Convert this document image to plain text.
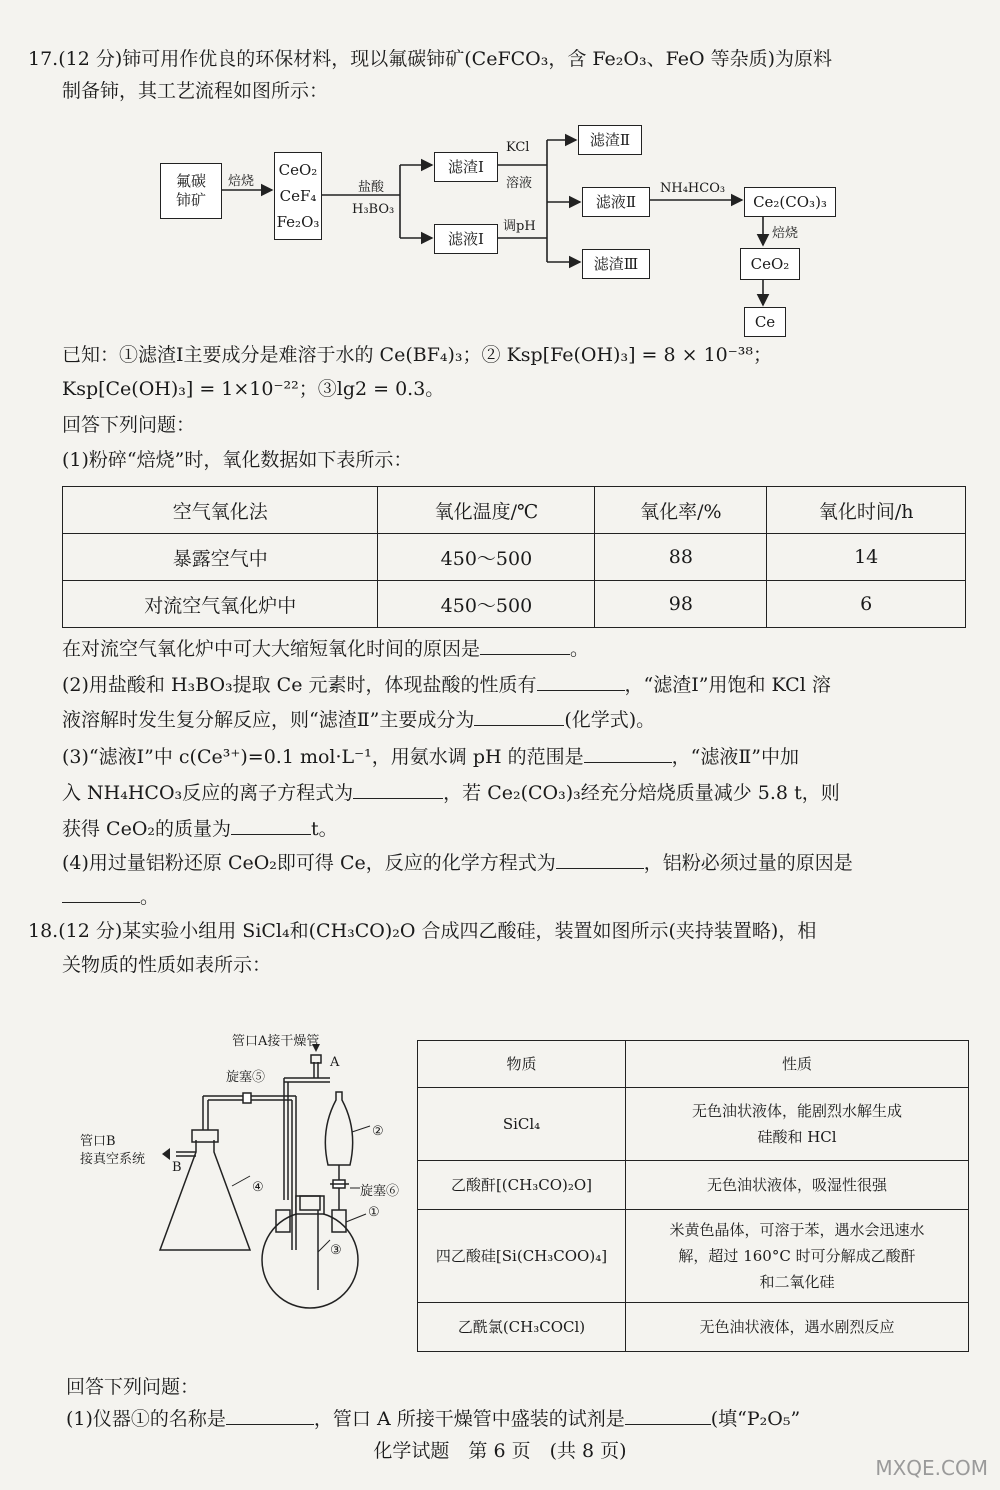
17.(12 分)铈可用作优良的环保材料，现以氟碳铈矿(CeFCO₃，含 Fe₂O₃、FeO 等杂质)为原料
制备铈，其工艺流程如图所示：
氟碳
铈矿
焙烧
CeO₂
CeF₄
Fe₂O₃
盐酸
H₃BO₃
滤渣Ⅰ
滤液Ⅰ
KCl
溶液
调pH
滤渣Ⅱ
滤液Ⅱ
滤渣Ⅲ
NH₄HCO₃
Ce₂(CO₃)₃
焙烧
CeO₂
Ce
已知：①滤渣Ⅰ主要成分是难溶于水的 Ce(BF₄)₃；② Ksp[Fe(OH)₃] = 8 × 10⁻³⁸；
Ksp[Ce(OH)₃] = 1×10⁻²²；③lg2 = 0.3。
回答下列问题：
(1)粉碎“焙烧”时，氧化数据如下表所示：
空气氧化法	氧化温度/℃	氧化率/%	氧化时间/h
暴露空气中	450～500	88	14
对流空气氧化炉中	450～500	98	6
在对流空气氧化炉中可大大缩短氧化时间的原因是	。
(2)用盐酸和 H₃BO₃提取 Ce 元素时，体现盐酸的性质有	，“滤渣Ⅰ”用饱和 KCl 溶
液溶解时发生复分解反应，则“滤渣Ⅱ”主要成分为	(化学式)。
(3)“滤液Ⅰ”中 c(Ce³⁺)=0.1 mol·L⁻¹，用氨水调 pH 的范围是	，“滤液Ⅱ”中加
入 NH₄HCO₃反应的离子方程式为	，若 Ce₂(CO₃)₃经充分焙烧质量减少 5.8 t，则
获得 CeO₂的质量为	t。
(4)用过量铝粉还原 CeO₂即可得 Ce，反应的化学方程式为	，铝粉必须过量的原因是
。
18.(12 分)某实验小组用 SiCl₄和(CH₃CO)₂O 合成四乙酸硅，装置如图所示(夹持装置略)，相
关物质的性质如表所示：
管口A接干燥管
A
旋塞⑤
管口B
接真空系统
B
④
②
旋塞⑥
①
③
物质	性质
SiCl₄	无色油状液体，能剧烈水解生成
硅酸和 HCl
乙酸酐[(CH₃CO)₂O]	无色油状液体，吸湿性很强
四乙酸硅[Si(CH₃COO)₄]	米黄色晶体，可溶于苯，遇水会迅速水
解，超过 160°C 时可分解成乙酸酐
和二氧化硅
乙酰氯(CH₃COCl)	无色油状液体，遇水剧烈反应
回答下列问题：
(1)仪器①的名称是	，管口 A 所接干燥管中盛装的试剂是	(填“P₂O₅”
化学试题　第 6 页　(共 8 页)
MXQE.COM
